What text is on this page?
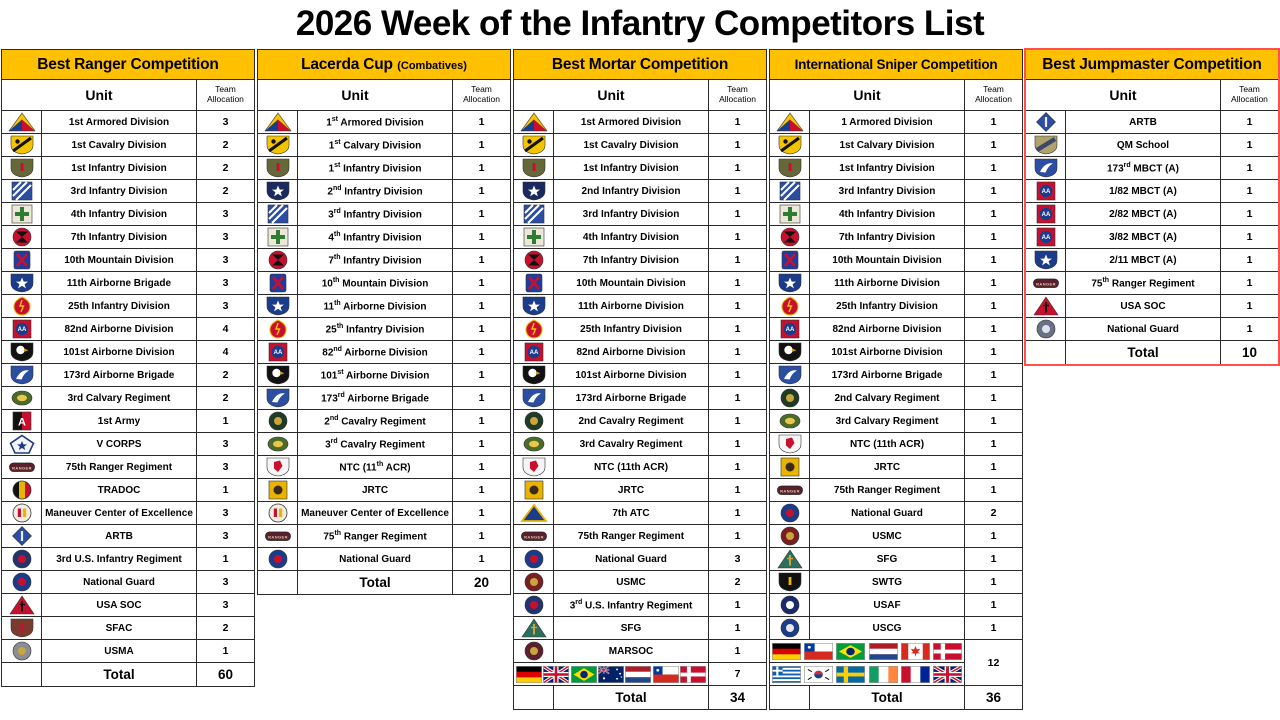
2026 Week of the Infantry Competitors List
Best Ranger Competition		
Unit		Team
Allocation
	1st Armored Division	3
	1st Cavalry Division	2
	1st Infantry Division	2
	3rd Infantry Division	2
	4th Infantry Division	3
	7th Infantry Division	3
	10th Mountain Division	3
	11th Airborne Brigade	3
	25th Infantry Division	3

AA	82nd Airborne Division	4
	101st Airborne Division	4
	173rd Airborne Brigade	2
	3rd Calvary Regiment	2

A	1st Army	1
	V CORPS	3

RANGER	75th Ranger Regiment	3
	TRADOC	1
	Maneuver Center of Excellence	3
	ARTB	3
	3rd U.S. Infantry Regiment	1
	National Guard	3
	USA SOC	3
	SFAC	2
	USMA	1
	Total	60
Lacerda Cup (Combatives)		
Unit		Team
Allocation
	1st Armored Division	1
	1st Calvary Division	1
	1st Infantry Division	1
	2nd Infantry Division	1
	3rd Infantry Division	1
	4th Infantry Division	1
	7th Infantry Division	1
	10th Mountain Division	1
	11th Airborne Division	1
	25th Infantry Division	1

AA	82nd Airborne Division	1
	101st Airborne Division	1
	173rd Airborne Brigade	1
	2nd Cavalry Regiment	1
	3rd Cavalry Regiment	1
	NTC (11th ACR)	1
	JRTC	1
	Maneuver Center of Excellence	1

RANGER	75th Ranger Regiment	1
	National Guard	1
	Total	20
Best Mortar Competition		
Unit		Team
Allocation
	1st Armored Division	1
	1st Cavalry Division	1
	1st Infantry Division	1
	2nd Infantry Division	1
	3rd Infantry Division	1
	4th Infantry Division	1
	7th Infantry Division	1
	10th Mountain Division	1
	11th Airborne Division	1
	25th Infantry Division	1

AA	82nd Airborne Division	1
	101st Airborne Division	1
	173rd Airborne Brigade	1
	2nd Cavalry Regiment	1
	3rd Cavalry Regiment	1
	NTC (11th ACR)	1
	JRTC	1
	7th ATC	1

RANGER	75th Ranger Regiment	1
	National Guard	3
	USMC	2
	3rd U.S. Infantry Regiment	1
	SFG	1
	MARSOC	1

	7
	Total	34
International Sniper Competition		
Unit		Team
Allocation
	1 Armored Division	1
	1st Calvary Division	1
	1st Infantry Division	1
	3rd Infantry Division	1
	4th Infantry Division	1
	7th Infantry Division	1
	10th Mountain Division	1
	11th Airborne Division	1
	25th Infantry Division	1

AA	82nd Airborne Division	1
	101st Airborne Division	1
	173rd Airborne Brigade	1
	2nd Calvary Regiment	1
	3rd Calvary Regiment	1
	NTC (11th ACR)	1
	JRTC	1

RANGER	75th Ranger Regiment	1
	National Guard	2
	USMC	1
	SFG	1
	SWTG	1
	USAF	1
	USCG	1

	12

	Total	36
Best Jumpmaster Competition		
Unit		Team
Allocation
	ARTB	1
	QM School	1
	173rd MBCT (A)	1

AA	1/82 MBCT (A)	1

AA	2/82 MBCT (A)	1

AA	3/82 MBCT (A)	1
	2/11 MBCT (A)	1

RANGER	75th Ranger Regiment	1
	USA SOC	1
	National Guard	1
	Total	10
